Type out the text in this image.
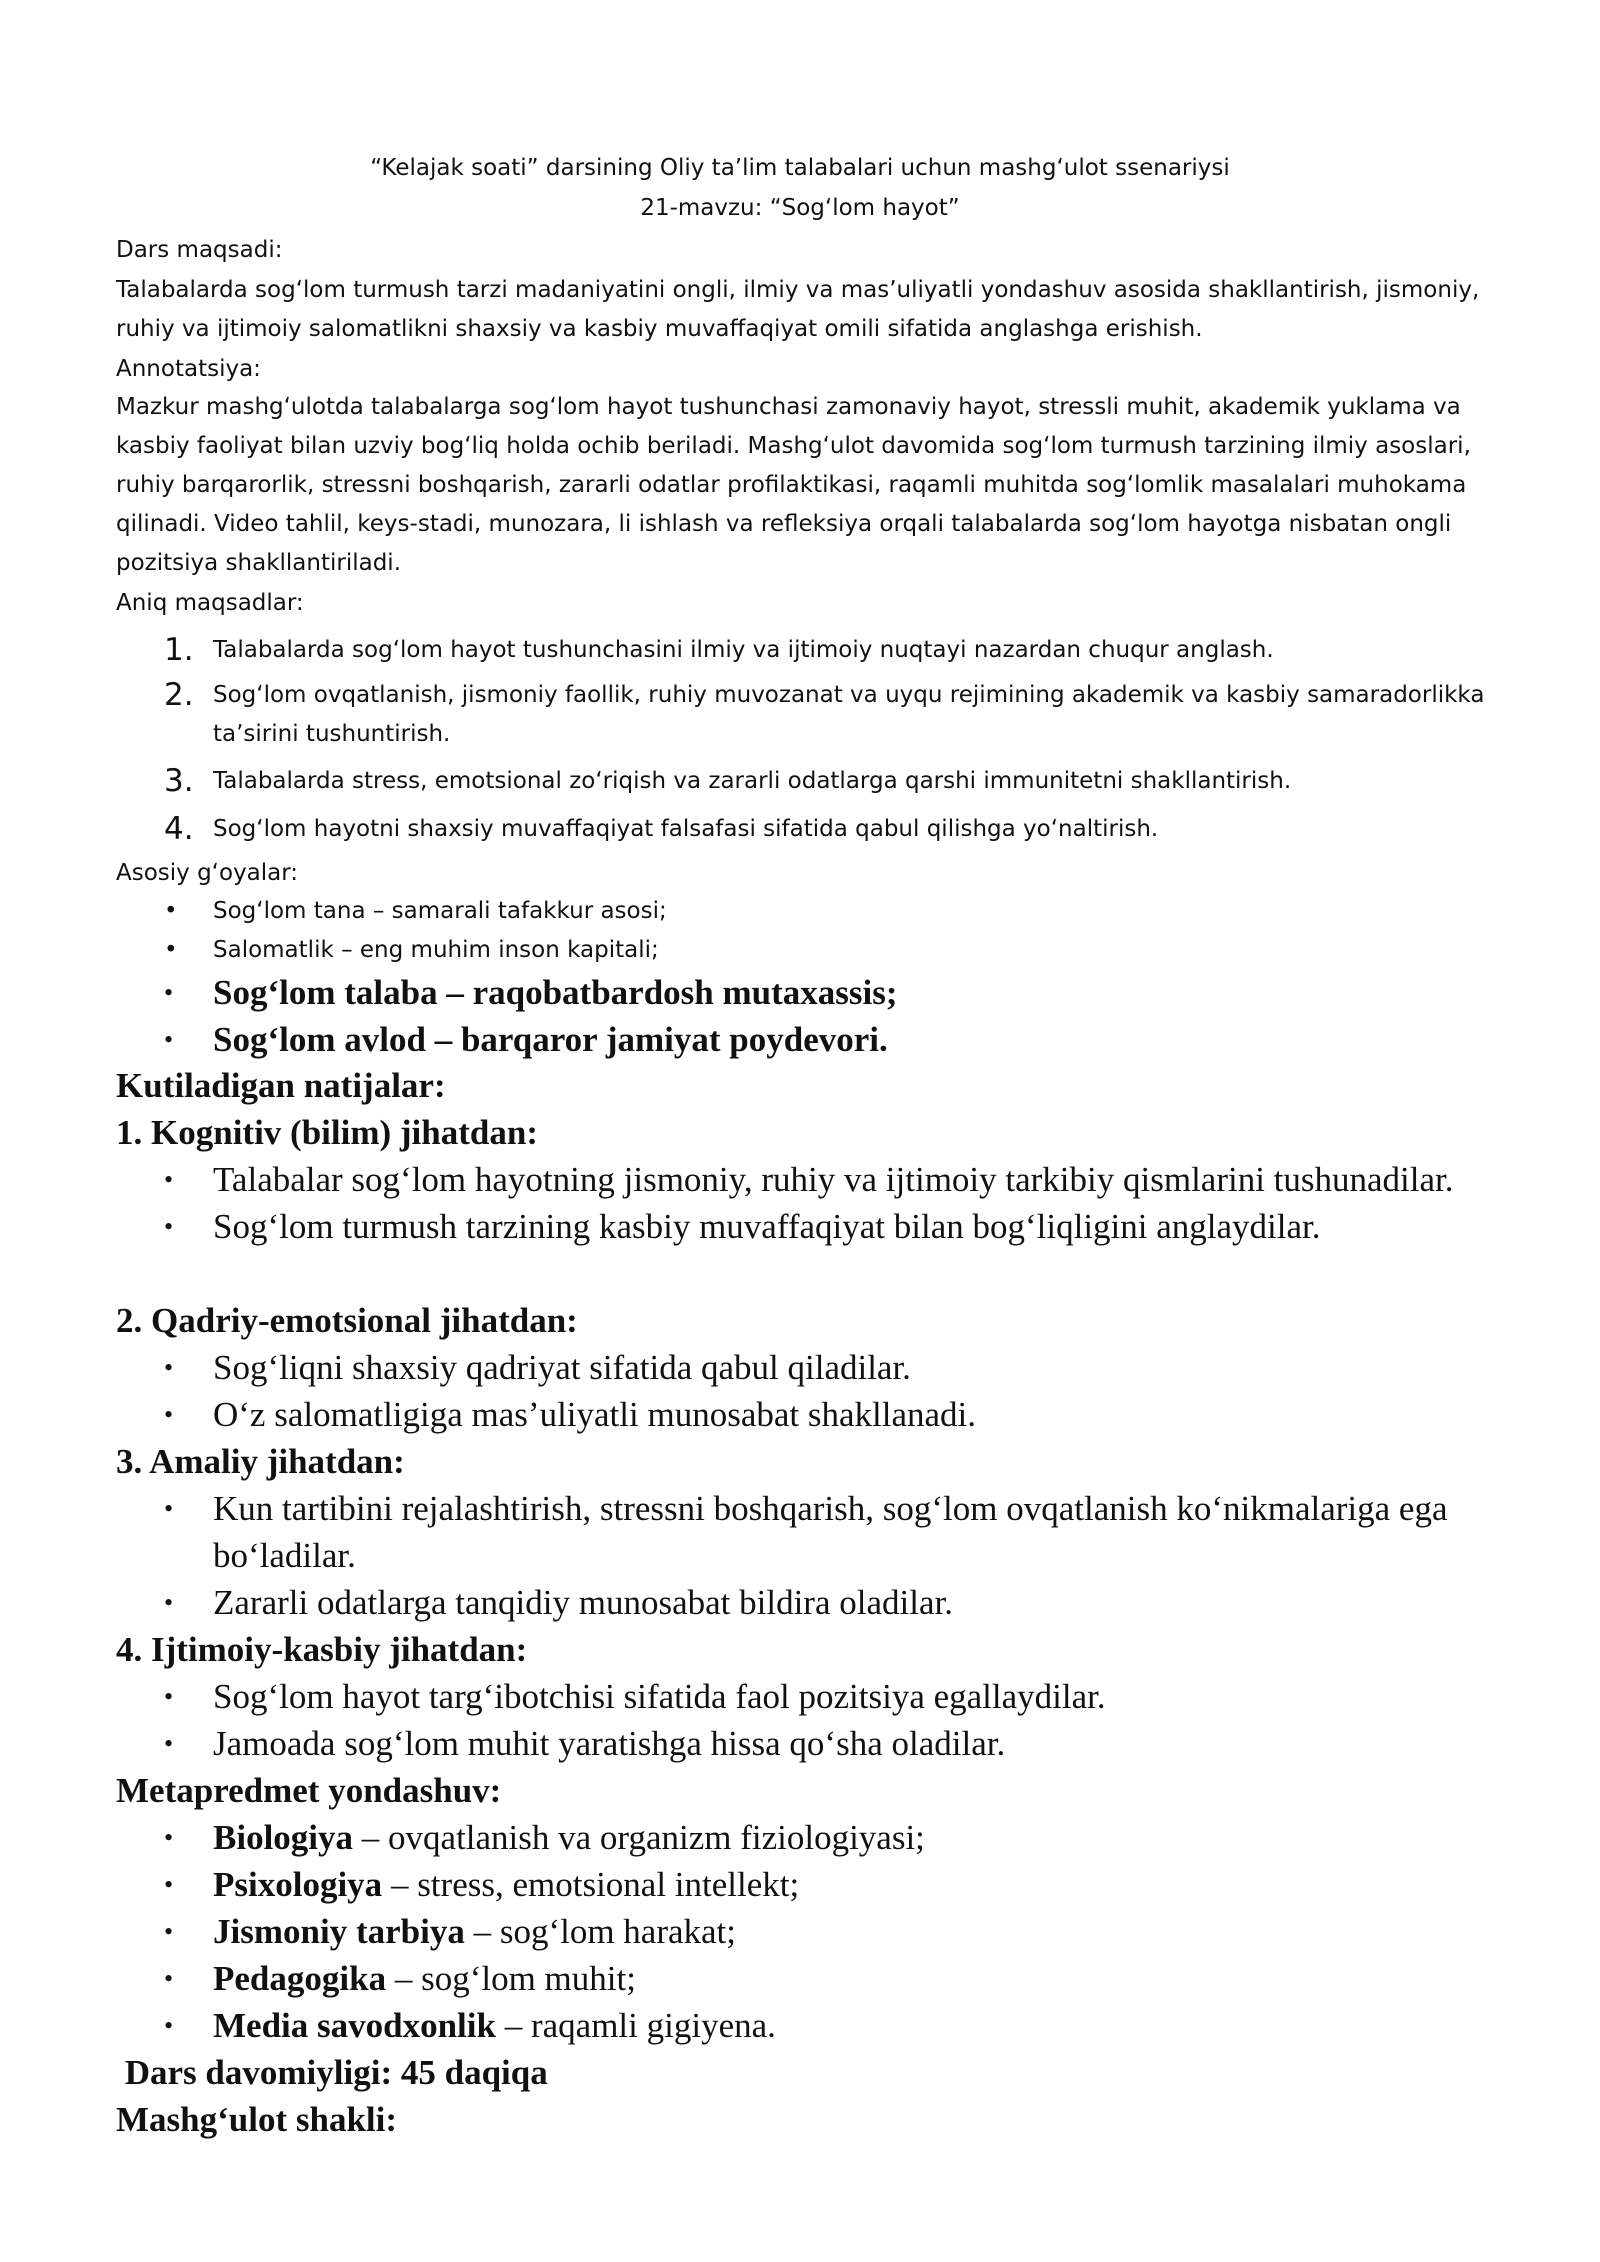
“Kelajak soati” darsining Oliy taʼlim talabalari uchun mashgʻulot ssenariysi
21-mavzu: “Sogʻlom hayot”
Dars maqsadi:
Talabalarda sogʻlom turmush tarzi madaniyatini ongli, ilmiy va masʼuliyatli yondashuv asosida shakllantirish, jismoniy, ruhiy va ijtimoiy salomatlikni shaxsiy va kasbiy muvaffaqiyat omili sifatida anglashga erishish.
Annotatsiya:
Mazkur mashgʻulotda talabalarga sogʻlom hayot tushunchasi zamonaviy hayot, stressli muhit, akademik yuklama va kasbiy faoliyat bilan uzviy bogʻliq holda ochib beriladi. Mashgʻulot davomida sogʻlom turmush tarzining ilmiy asoslari, ruhiy barqarorlik, stressni boshqarish, zararli odatlar profilaktikasi, raqamli muhitda sogʻlomlik masalalari muhokama qilinadi. Video tahlil, keys-stadi, munozara, li ishlash va refleksiya orqali talabalarda sogʻlom hayotga nisbatan ongli pozitsiya shakllantiriladi.
Aniq maqsadlar:
1. Talabalarda sogʻlom hayot tushunchasini ilmiy va ijtimoiy nuqtayi nazardan chuqur anglash.
2. Sogʻlom ovqatlanish, jismoniy faollik, ruhiy muvozanat va uyqu rejimining akademik va kasbiy samaradorlikka taʼsirini tushuntirish.
3. Talabalarda stress, emotsional zoʻriqish va zararli odatlarga qarshi immunitetni shakllantirish.
4. Sogʻlom hayotni shaxsiy muvaffaqiyat falsafasi sifatida qabul qilishga yoʻnaltirish.
Asosiy gʻoyalar:
• Sogʻlom tana – samarali tafakkur asosi;
• Salomatlik – eng muhim inson kapitali;
• Sogʻlom talaba – raqobatbardosh mutaxassis;
• Sogʻlom avlod – barqaror jamiyat poydevori.
Kutiladigan natijalar:
1. Kognitiv (bilim) jihatdan:
• Talabalar sogʻlom hayotning jismoniy, ruhiy va ijtimoiy tarkibiy qismlarini tushunadilar.
• Sogʻlom turmush tarzining kasbiy muvaffaqiyat bilan bogʻliqligini anglaydilar.
2. Qadriy-emotsional jihatdan:
• Sogʻliqni shaxsiy qadriyat sifatida qabul qiladilar.
• Oʻz salomatligiga masʼuliyatli munosabat shakllanadi.
3. Amaliy jihatdan:
• Kun tartibini rejalashtirish, stressni boshqarish, sogʻlom ovqatlanish koʻnikmalariga ega boʻladilar.
• Zararli odatlarga tanqidiy munosabat bildira oladilar.
4. Ijtimoiy-kasbiy jihatdan:
• Sogʻlom hayot targʻibotchisi sifatida faol pozitsiya egallaydilar.
• Jamoada sogʻlom muhit yaratishga hissa qoʻsha oladilar.
Metapredmet yondashuv:
• Biologiya – ovqatlanish va organizm fiziologiyasi;
• Psixologiya – stress, emotsional intellekt;
• Jismoniy tarbiya – sogʻlom harakat;
• Pedagogika – sogʻlom muhit;
• Media savodxonlik – raqamli gigiyena.
Dars davomiyligi: 45 daqiqa
Mashgʻulot shakli:
